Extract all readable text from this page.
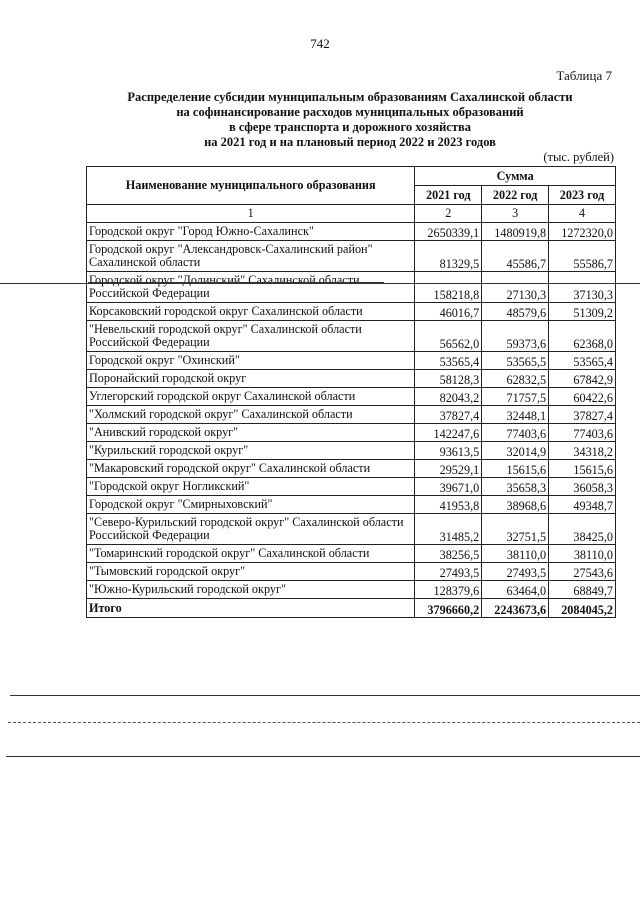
742
Таблица 7
Распределение субсидии муниципальным образованиям Сахалинской области
на софинансирование расходов муниципальных образований
в сфере транспорта и дорожного хозяйства
на 2021 год и на плановый период 2022 и 2023 годов
(тыс. рублей)
Наименование муниципального образования	Сумма		
	2021 год	2022 год	2023 год
1	2	3	4
Городской округ "Город Южно-Сахалинск"	2650339,1	1480919,8	1272320,0
Городской округ "Александровск-Сахалинский район" Сахалинской области	81329,5	45586,7	55586,7
Городской округ "Долинский" Сахалинской области Российской Федерации	158218,8	27130,3	37130,3
Корсаковский городской округ Сахалинской области	46016,7	48579,6	51309,2
"Невельский городской округ" Сахалинской области Российской Федерации	56562,0	59373,6	62368,0
Городской округ "Охинский"	53565,4	53565,5	53565,4
Поронайский городской округ	58128,3	62832,5	67842,9
Углегорский городской округ Сахалинской области	82043,2	71757,5	60422,6
"Холмский городской округ" Сахалинской области	37827,4	32448,1	37827,4
"Анивский городской округ"	142247,6	77403,6	77403,6
"Курильский городской округ"	93613,5	32014,9	34318,2
"Макаровский городской округ" Сахалинской области	29529,1	15615,6	15615,6
"Городской округ Ногликский"	39671,0	35658,3	36058,3
Городской округ "Смирныховский"	41953,8	38968,6	49348,7
"Северо-Курильский городской округ" Сахалинской области Российской Федерации	31485,2	32751,5	38425,0
"Томаринский городской округ" Сахалинской области	38256,5	38110,0	38110,0
"Тымовский городской округ"	27493,5	27493,5	27543,6
"Южно-Курильский городской округ"	128379,6	63464,0	68849,7
Итого	3796660,2	2243673,6	2084045,2
